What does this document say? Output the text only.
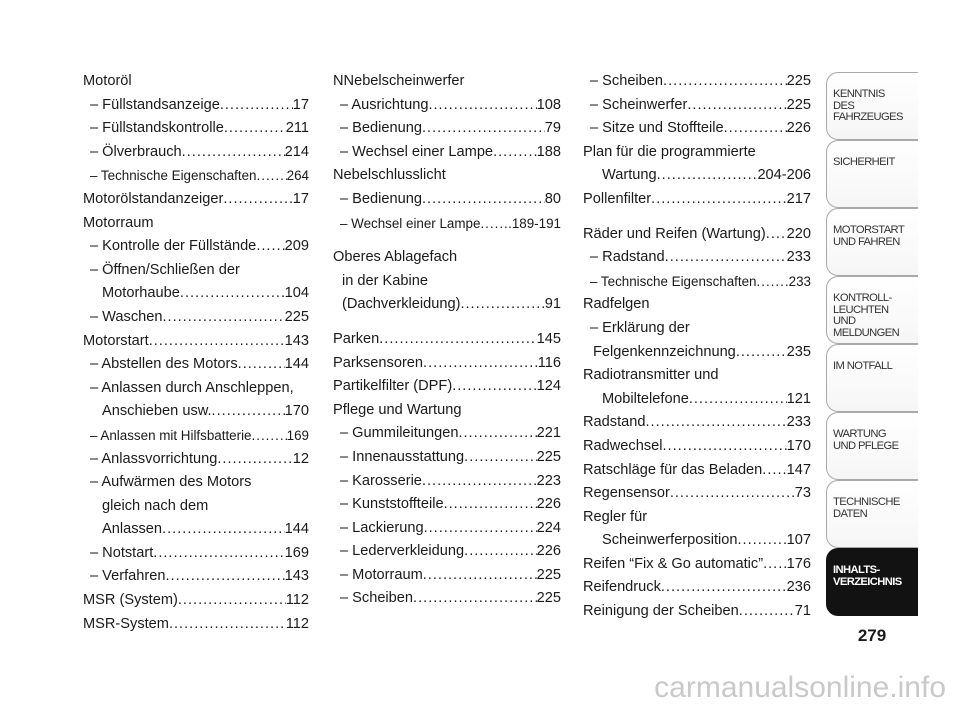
Motoröl
– Füllstandsanzeige .....	17
– Füllstandskontrolle .....	211
– Ölverbrauch .....	214
– Technische Eigenschaften ..... 264
Motorölstandanzeiger .....	17
Motorraum
– Kontrolle der Füllstände ..... 209
– Öffnen/Schließen der
Motorhaube .....	104
– Waschen .....	225
Motorstart .....	143
– Abstellen des Motors .....	144
– Anlassen durch Anschleppen,
Anschieben usw. .....	170
– Anlassen mit Hilfsbatterie .....	169
– Anlassvorrichtung .....	12
– Aufwärmen des Motors
gleich nach dem
Anlassen .....	144
– Notstart .....	169
– Verfahren .....	143
MSR (System) .....	112
MSR-System .....	112
NNebelscheinwerfer
– Ausrichtung .....	108
– Bedienung .....	79
– Wechsel einer Lampe .....	188
Nebelschlusslicht
– Bedienung .....	80
– Wechsel einer Lampe ..... .189-191
Oberes Ablagefach
in der Kabine
(Dachverkleidung) .....	91
Parken .....	145
Parksensoren .....	116
Partikelfilter (DPF) .....	124
Pflege und Wartung
– Gummileitungen .....	221
– Innenausstattung .....	225
– Karosserie .....	223
– Kunststoffteile .....	226
– Lackierung .....	224
– Lederverkleidung .....	226
– Motorraum .....	225
– Scheiben .....	225
– Scheiben .....	225
– Scheinwerfer .....	225
– Sitze und Stoffteile .....	226
Plan für die programmierte
Wartung .....	204-206
Pollenfilter .....	217
Räder und Reifen (Wartung) ..... 220
– Radstand .....	233
– Technische Eigenschaften ..... 233
Radfelgen
– Erklärung der
Felgenkennzeichnung .....	235
Radiotransmitter und
Mobiltelefone .....	121
Radstand .....	233
Radwechsel .....	170
Ratschläge für das Beladen ..... 147
Regensensor .....	73
Regler für
Scheinwerferposition .....	107
Reifen “Fix & Go automatic” ..... 176
Reifendruck .....	236
Reinigung der Scheiben .....	71
KENNTNIS
DES FAHRZEUGES
SICHERHEIT
MOTORSTART
UND FAHREN
KONTROLL-
LEUCHTEN
UND MELDUNGEN
IM NOTFALL
WARTUNG
UND PFLEGE
TECHNISCHE
DATEN
INHALTS-
VERZEICHNIS
279
carmanualsonline.info
